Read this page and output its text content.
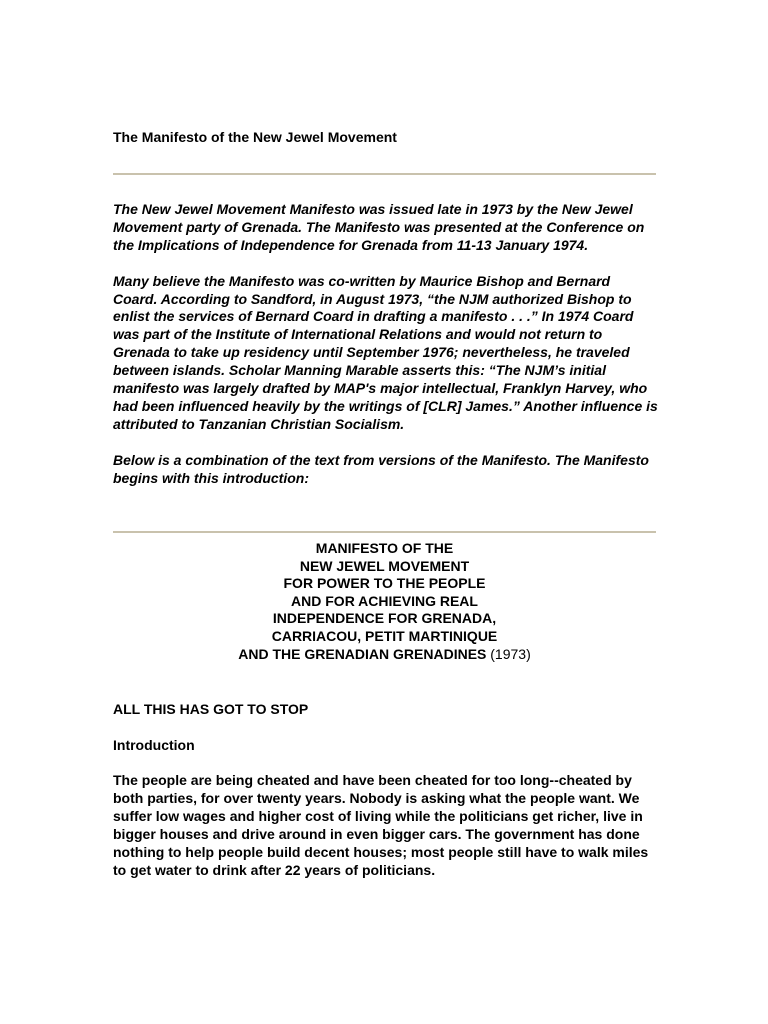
The Manifesto of the New Jewel Movement

The New Jewel Movement Manifesto was issued late in 1973 by the New Jewel Movement party of Grenada. The Manifesto was presented at the Conference on the Implications of Independence for Grenada from 11-13 January 1974.

Many believe the Manifesto was co-written by Maurice Bishop and Bernard Coard. According to Sandford, in August 1973, “the NJM authorized Bishop to enlist the services of Bernard Coard in drafting a manifesto . . .” In 1974 Coard was part of the Institute of International Relations and would not return to Grenada to take up residency until September 1976; nevertheless, he traveled between islands. Scholar Manning Marable asserts this: “The NJM’s initial manifesto was largely drafted by MAP's major intellectual, Franklyn Harvey, who had been influenced heavily by the writings of [CLR] James.” Another influence is attributed to Tanzanian Christian Socialism.

Below is a combination of the text from versions of the Manifesto. The Manifesto begins with this introduction:

MANIFESTO OF THE
NEW JEWEL MOVEMENT
FOR POWER TO THE PEOPLE
AND FOR ACHIEVING REAL
INDEPENDENCE FOR GRENADA,
CARRIACOU, PETIT MARTINIQUE
AND THE GRENADIAN GRENADINES (1973)
ALL THIS HAS GOT TO STOP
Introduction

The people are being cheated and have been cheated for too long--cheated by both parties, for over twenty years. Nobody is asking what the people want. We suffer low wages and higher cost of living while the politicians get richer, live in bigger houses and drive around in even bigger cars. The government has done nothing to help people build decent houses; most people still have to walk miles to get water to drink after 22 years of politicians.
